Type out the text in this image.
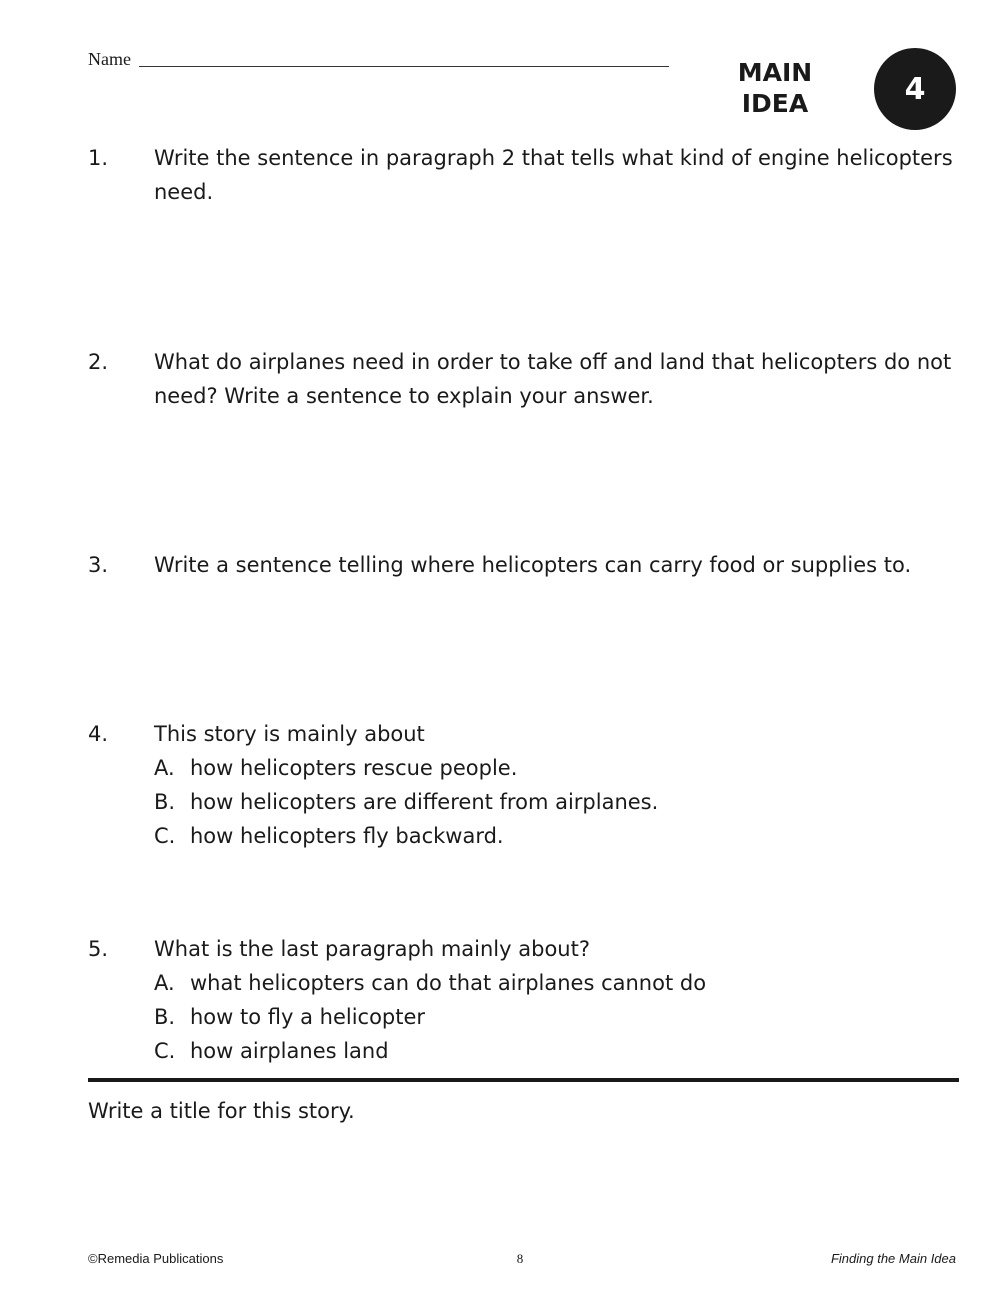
Name	MAIN
IDEA	4
1.	Write the sentence in paragraph 2 that tells what kind of engine helicopters need.
2.	What do airplanes need in order to take off and land that helicopters do not need? Write a sentence to explain your answer.
3.	Write a sentence telling where helicopters can carry food or supplies to.
4.	This story is mainly about
A. how helicopters rescue people.
B. how helicopters are different from airplanes.
C. how helicopters fly backward.
5.	What is the last paragraph mainly about?
A. what helicopters can do that airplanes cannot do
B. how to fly a helicopter
C. how airplanes land
Write a title for this story.
©Remedia Publications	8	Finding the Main Idea
